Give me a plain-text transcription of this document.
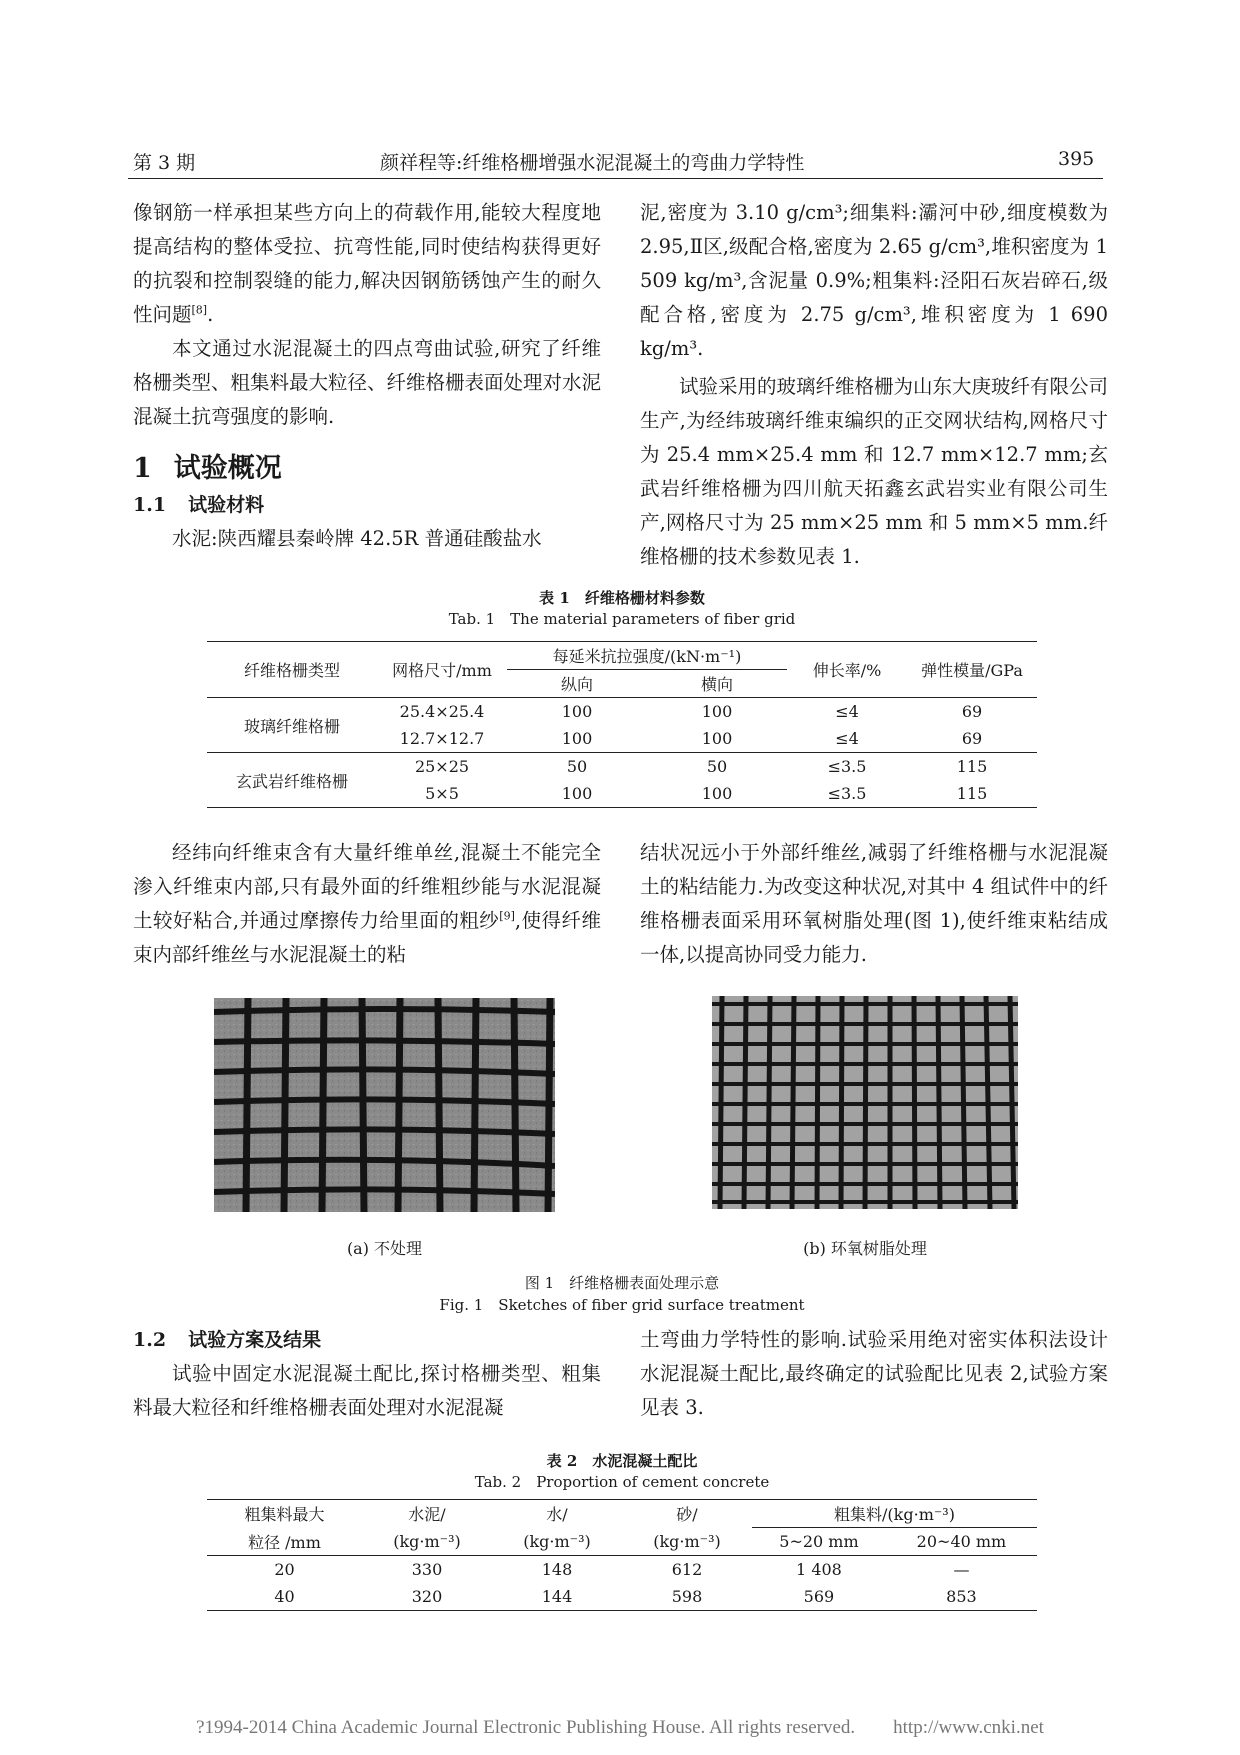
第 3 期	颜祥程等:纤维格栅增强水泥混凝土的弯曲力学特性	395

像钢筋一样承担某些方向上的荷载作用,能较大程度地提高结构的整体受拉、抗弯性能,同时使结构获得更好的抗裂和控制裂缝的能力,解决因钢筋锈蚀产生的耐久性问题[8].

本文通过水泥混凝土的四点弯曲试验,研究了纤维格栅类型、粗集料最大粒径、纤维格栅表面处理对水泥混凝土抗弯强度的影响.

1 试验概况
1.1 试验材料

水泥:陕西耀县秦岭牌 42.5R 普通硅酸盐水

泥,密度为 3.10 g/cm³;细集料:灞河中砂,细度模数为 2.95,Ⅱ区,级配合格,密度为 2.65 g/cm³,堆积密度为 1 509 kg/m³,含泥量 0.9%;粗集料:泾阳石灰岩碎石,级配合格,密度为 2.75 g/cm³,堆积密度为 1 690 kg/m³.

试验采用的玻璃纤维格栅为山东大庚玻纤有限公司生产,为经纬玻璃纤维束编织的正交网状结构,网格尺寸为 25.4 mm×25.4 mm 和 12.7 mm×12.7 mm;玄武岩纤维格栅为四川航天拓鑫玄武岩实业有限公司生产,网格尺寸为 25 mm×25 mm 和 5 mm×5 mm.纤维格栅的技术参数见表 1.

表 1　纤维格栅材料参数
Tab. 1　The material parameters of fiber grid
纤维格栅类型	网格尺寸/mm	每延米抗拉强度/(kN·m⁻¹)		伸长率/%	弹性模量/GPa
		纵向	横向		
玻璃纤维格栅	25.4×25.4	100	100	≤4	69
	12.7×12.7	100	100	≤4	69
玄武岩纤维格栅	25×25	50	50	≤3.5	115
	5×5	100	100	≤3.5	115

经纬向纤维束含有大量纤维单丝,混凝土不能完全渗入纤维束内部,只有最外面的纤维粗纱能与水泥混凝土较好粘合,并通过摩擦传力给里面的粗纱[9],使得纤维束内部纤维丝与水泥混凝土的粘

结状况远小于外部纤维丝,减弱了纤维格栅与水泥混凝土的粘结能力.为改变这种状况,对其中 4 组试件中的纤维格栅表面采用环氧树脂处理(图 1),使纤维束粘结成一体,以提高协同受力能力.

(a) 不处理	(b) 环氧树脂处理
图 1　纤维格栅表面处理示意
Fig. 1　Sketches of fiber grid surface treatment
1.2 试验方案及结果

试验中固定水泥混凝土配比,探讨格栅类型、粗集料最大粒径和纤维格栅表面处理对水泥混凝

土弯曲力学特性的影响.试验采用绝对密实体积法设计水泥混凝土配比,最终确定的试验配比见表 2,试验方案见表 3.

表 2　水泥混凝土配比
Tab. 2　Proportion of cement concrete
粗集料最大	水泥/	水/	砂/	粗集料/(kg·m⁻³)	
粒径 /mm	(kg·m⁻³)	(kg·m⁻³)	(kg·m⁻³)	5~20 mm	20~40 mm
20	330	148	612	1 408	—
40	320	144	598	569	853
?1994-2014 China Academic Journal Electronic Publishing House. All rights reserved.　　http://www.cnki.net
